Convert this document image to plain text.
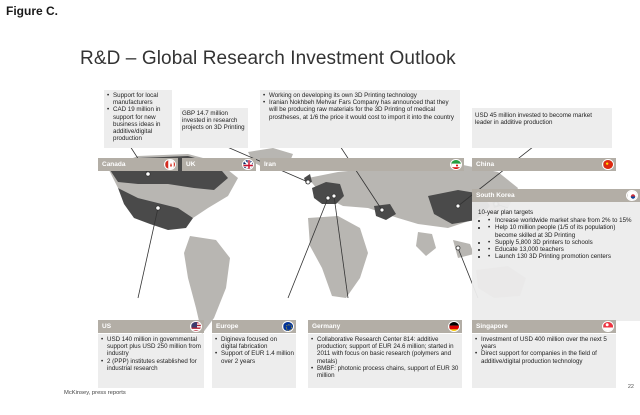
Figure C.
R&D – Global Research Investment Outlook
• Support for local manufacturers
• CAD 19 million in support for new business ideas in additive/digital production
Canada

GBP 14.7 million invested in research projects on 3D Printing

UK
• Working on developing its own 3D Printing technology
• Iranian Nokhbeh Mehvar Fars Company has announced that they will be producing raw materials for the 3D Printing of medical prostheses, at 1/6 the price it would cost to import it into the country
Iran

USD 45 million invested to become market leader in additive production

China
South Korea

10-year plan targets

• • Increase worldwide market share from 2% to 15%
• • Help 10 million people (1/5 of its population) become skilled at 3D Printing
• • Supply 5,800 3D printers to schools
• • Educate 13,000 teachers
• • Launch 130 3D Printing promotion centers
US	Europe	Germany	Singapore
• USD 140 million in governmental support plus USD 250 million from industry
• 2 (PPP) institutes established for industrial research
• Digineva focused on digital fabrication
• Support of EUR 1.4 million over 2 years
• Collaborative Research Center 814: additive production; support of EUR 24.6 million; started in 2011 with focus on basic research (polymers and metals)
• BMBF: photonic process chains, support of EUR 30 million
• Investment of USD 400 million over the next 5 years
• Direct support for companies in the field of additive/digital production technology
McKinsey, press reports
22
